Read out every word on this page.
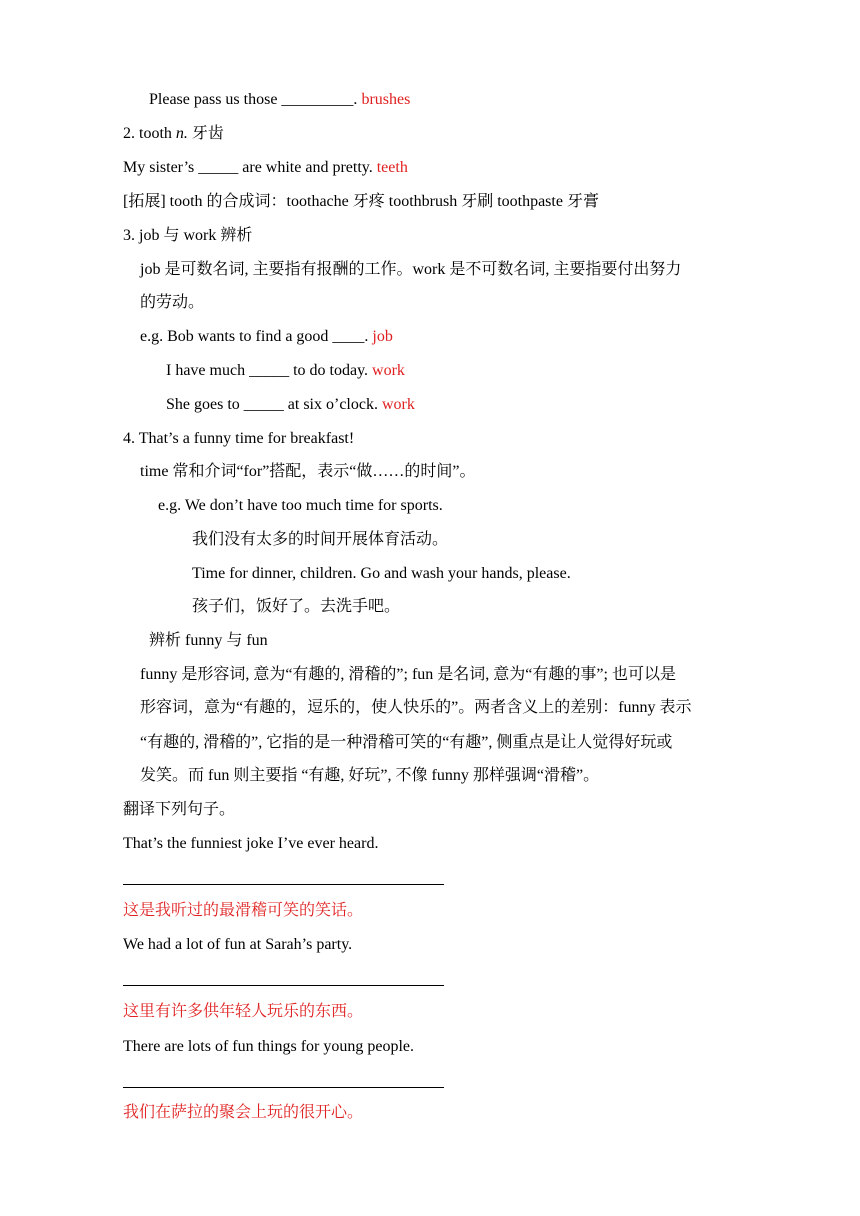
Please pass us those _________. brushes
2. tooth n. 牙齿
My sister’s _____ are white and pretty. teeth
[拓展] tooth 的合成词：toothache 牙疼 toothbrush 牙刷 toothpaste 牙膏
3. job 与 work 辨析
job 是可数名词, 主要指有报酬的工作。work 是不可数名词, 主要指要付出努力
的劳动。
e.g. Bob wants to find a good ____. job
I have much _____ to do today. work
She goes to _____ at six o’clock. work
4. That’s a funny time for breakfast!
time 常和介词“for”搭配，表示“做……的时间”。
e.g. We don’t have too much time for sports.
我们没有太多的时间开展体育活动。
Time for dinner, children. Go and wash your hands, please.
孩子们，饭好了。去洗手吧。
辨析 funny 与 fun
funny 是形容词, 意为“有趣的, 滑稽的”; fun 是名词, 意为“有趣的事”; 也可以是
形容词，意为“有趣的，逗乐的，使人快乐的”。两者含义上的差别：funny 表示
“有趣的, 滑稽的”, 它指的是一种滑稽可笑的“有趣”, 侧重点是让人觉得好玩或
发笑。而 fun 则主要指 “有趣, 好玩”, 不像 funny 那样强调“滑稽”。
翻译下列句子。
That’s the funniest joke I’ve ever heard.
这是我听过的最滑稽可笑的笑话。
We had a lot of fun at Sarah’s party.
这里有许多供年轻人玩乐的东西。
There are lots of fun things for young people.
我们在萨拉的聚会上玩的很开心。
